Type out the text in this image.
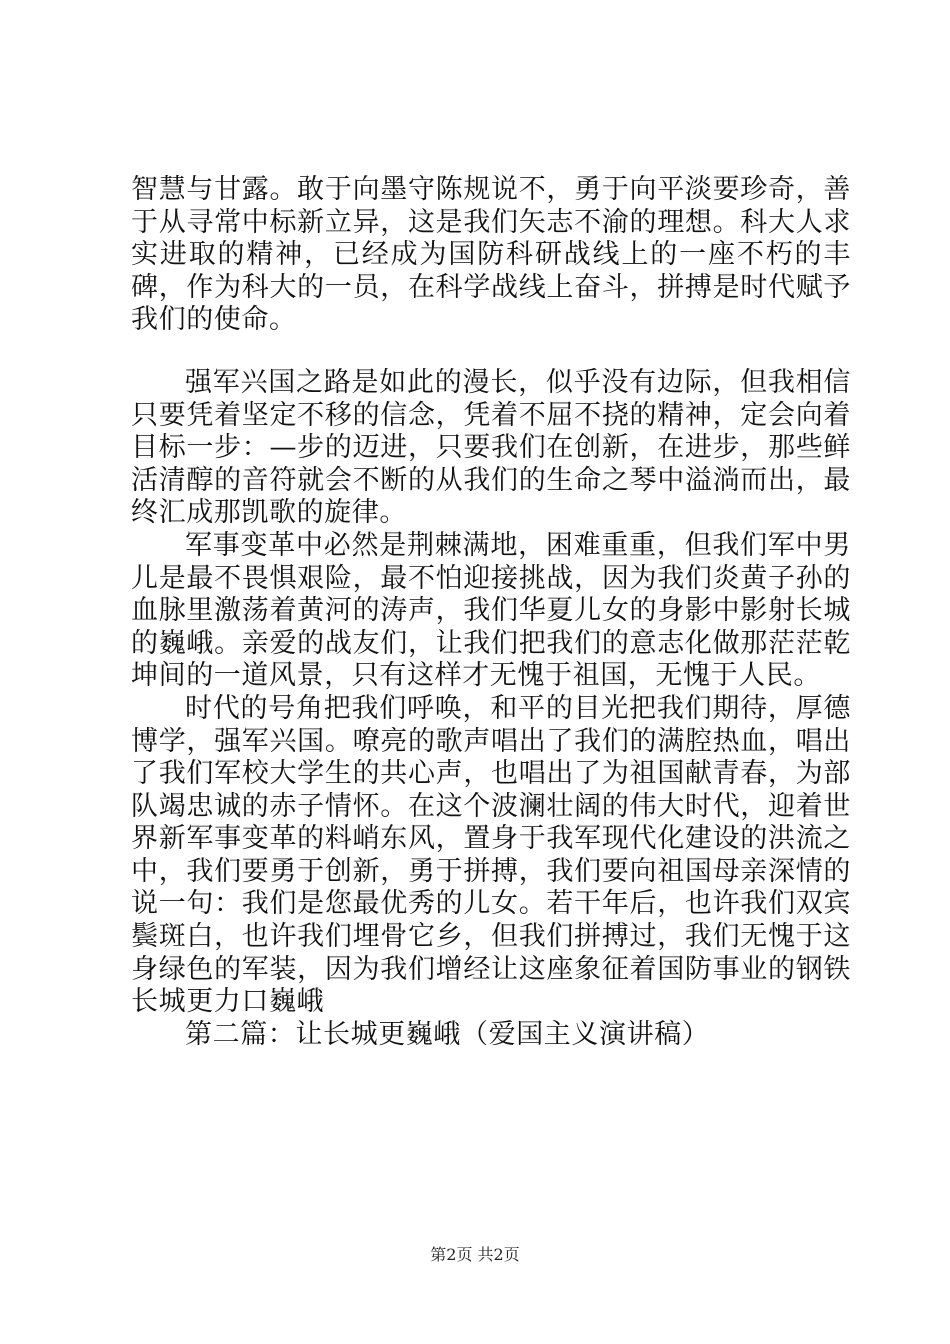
智慧与甘露。敢于向墨守陈规说不，勇于向平淡要珍奇，善于从寻常中标新立异，这是我们矢志不渝的理想。科大人求实进取的精神，已经成为国防科研战线上的一座不朽的丰碑，作为科大的一员，在科学战线上奋斗，拼搏是时代赋予我们的使命。

强军兴国之路是如此的漫长，似乎没有边际，但我相信只要凭着坚定不移的信念，凭着不屈不挠的精神，定会向着目标一步：—步的迈进，只要我们在创新，在进步，那些鲜活清醇的音符就会不断的从我们的生命之琴中溢淌而出，最终汇成那凯歌的旋律。

军事变革中必然是荆棘满地，困难重重，但我们军中男儿是最不畏惧艰险，最不怕迎接挑战，因为我们炎黄子孙的血脉里激荡着黄河的涛声，我们华夏儿女的身影中影射长城的巍峨。亲爱的战友们，让我们把我们的意志化做那茫茫乾坤间的一道风景，只有这样才无愧于祖国，无愧于人民。

时代的号角把我们呼唤，和平的目光把我们期待，厚德博学，强军兴国。嘹亮的歌声唱出了我们的满腔热血，唱出了我们军校大学生的共心声，也唱出了为祖国献青春，为部队竭忠诚的赤子情怀。在这个波澜壮阔的伟大时代，迎着世界新军事变革的料峭东风，置身于我军现代化建设的洪流之中，我们要勇于创新，勇于拼搏，我们要向祖国母亲深情的说一句：我们是您最优秀的儿女。若干年后，也许我们双宾鬓斑白，也许我们埋骨它乡，但我们拼搏过，我们无愧于这身绿色的军装，因为我们增经让这座象征着国防事业的钢铁长城更力口巍峨

第二篇：让长城更巍峨（爱国主义演讲稿）

第2页 共2页
